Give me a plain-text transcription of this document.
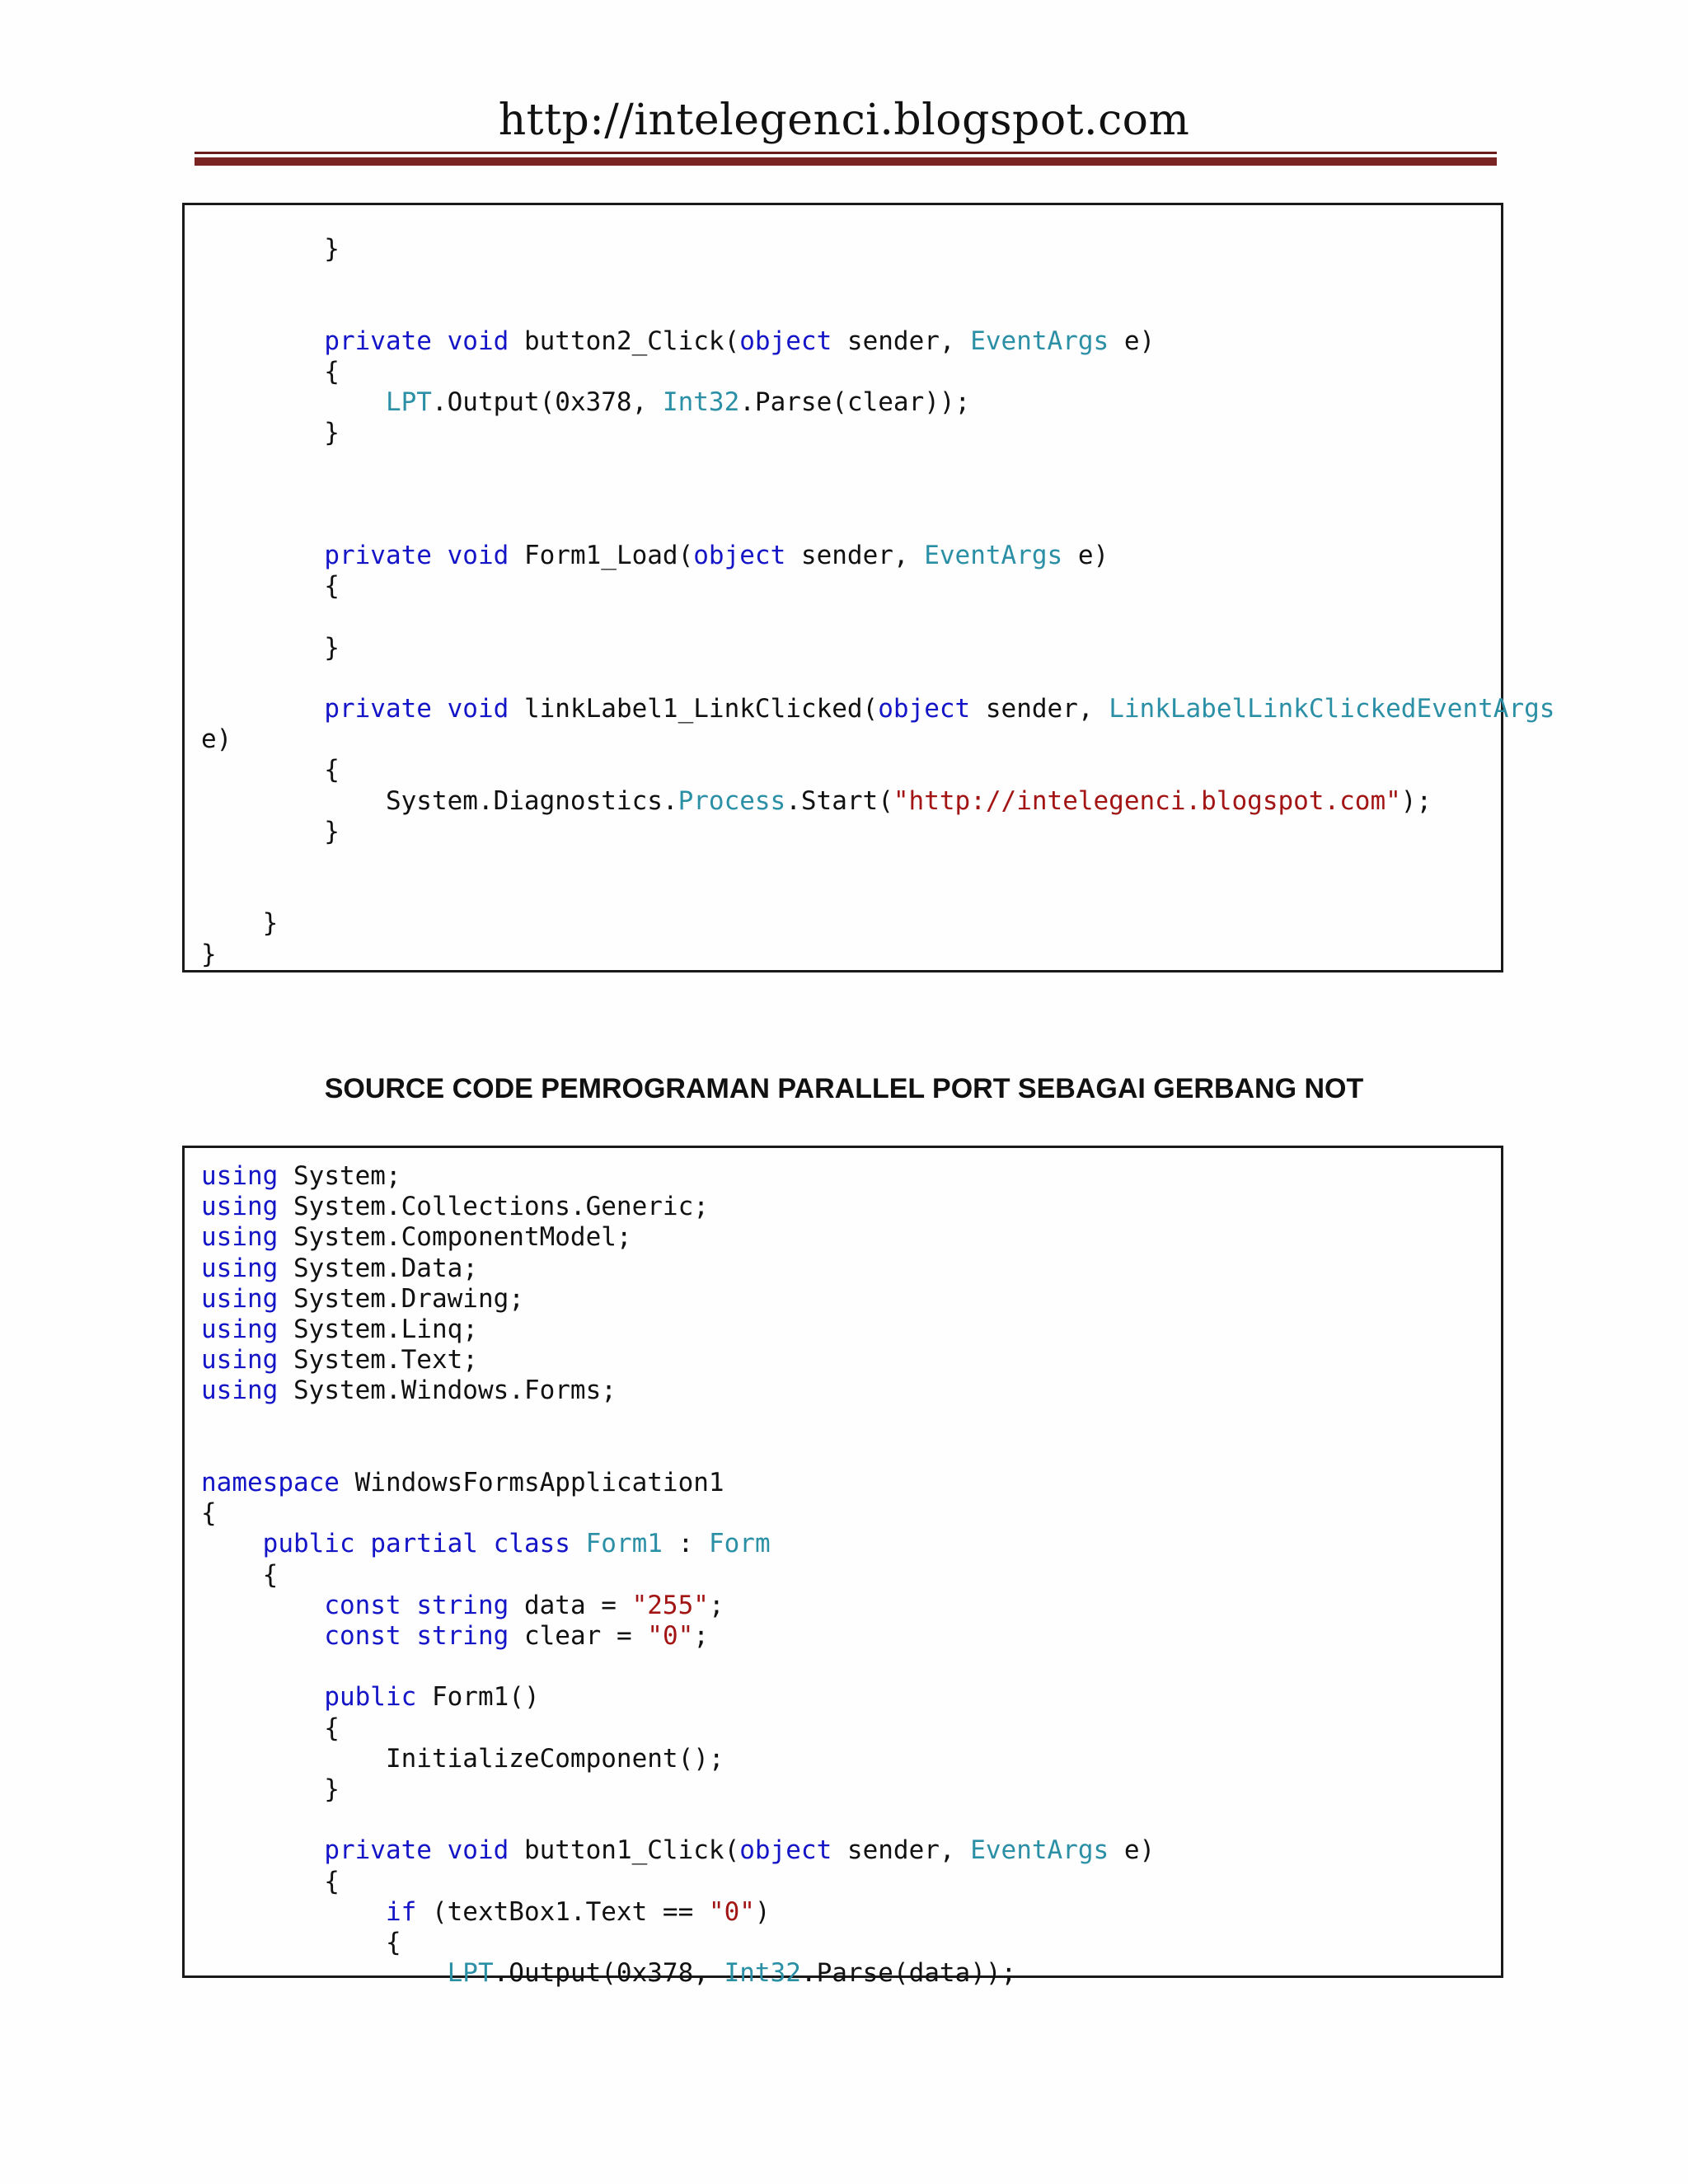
http://intelegenci.blogspot.com
}

private void button2_Click(object sender, EventArgs e)
{
LPT.Output(0x378, Int32.Parse(clear));
}

private void Form1_Load(object sender, EventArgs e)
{

}

private void linkLabel1_LinkClicked(object sender, LinkLabelLinkClickedEventArgs
e)
{
System.Diagnostics.Process.Start("http://intelegenci.blogspot.com");
}

}
}
SOURCE CODE PEMROGRAMAN PARALLEL PORT SEBAGAI GERBANG NOT
using System;
using System.Collections.Generic;
using System.ComponentModel;
using System.Data;
using System.Drawing;
using System.Linq;
using System.Text;
using System.Windows.Forms;

namespace WindowsFormsApplication1
{
public partial class Form1 : Form
{
const string data = "255";
const string clear = "0";

public Form1()
{
InitializeComponent();
}

private void button1_Click(object sender, EventArgs e)
{
if (textBox1.Text == "0")
{
LPT.Output(0x378, Int32.Parse(data));
